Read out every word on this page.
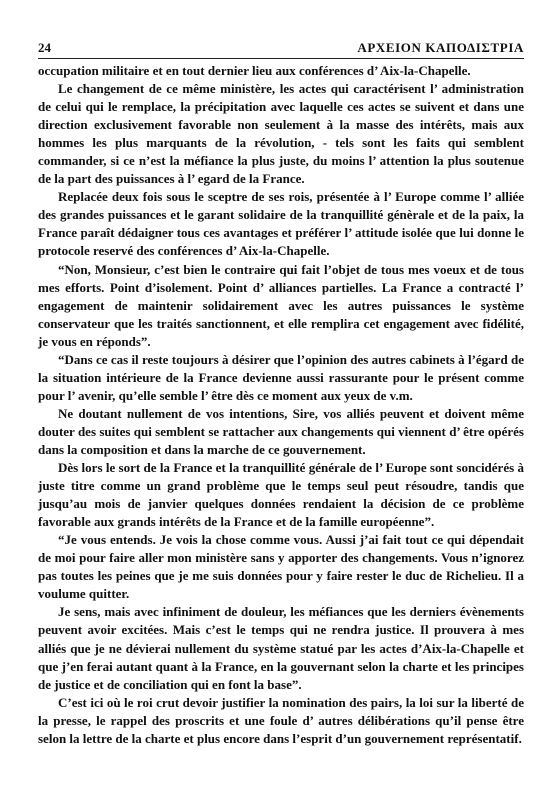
24	ΑΡΧΕΙΟΝ ΚΑΠΟΔΙΣΤΡΙΑ

occupation militaire et en tout dernier lieu aux conférences d’ Aix-la-Chapelle.

Le changement de ce même ministère, les actes qui caractérisent l’ administration de celui qui le remplace, la précipitation avec laquelle ces actes se suivent et dans une direction exclusivement favorable non seulement à la masse des intérêts, mais aux hommes les plus marquants de la révolution, - tels sont les faits qui semblent commander, si ce n’est la méfiance la plus juste, du moins l’ attention la plus soutenue de la part des puissances à l’ egard de la France.

Replacée deux fois sous le sceptre de ses rois, présentée à l’ Europe comme l’ alliée des grandes puissances et le garant solidaire de la tranquillité génèrale et de la paix, la France paraît dédaigner tous ces avantages et préférer l’ attitude isolée que lui donne le protocole reservé des conférences d’ Aix-la-Chapelle.

“Non, Monsieur, c’est bien le contraire qui fait l’objet de tous mes voeux et de tous mes efforts. Point d’isolement. Point d’ alliances partielles. La France a contracté l’ engagement de maintenir solidairement avec les autres puissances le système conservateur que les traités sanctionnent, et elle remplira cet engagement avec fidélité, je vous en réponds”.

“Dans ce cas il reste toujours à désirer que l’opinion des autres cabinets à l’égard de la situation intérieure de la France devienne aussi rassurante pour le présent comme pour l’ avenir, qu’elle semble l’ être dès ce moment aux yeux de v.m.

Ne doutant nullement de vos intentions, Sire, vos alliés peuvent et doivent même douter des suites qui semblent se rattacher aux changements qui viennent d’ être opérés dans la composition et dans la marche de ce gouvernement.

Dès lors le sort de la France et la tranquillité générale de l’ Europe sont soncidérés à juste titre comme un grand problème que le temps seul peut résoudre, tandis que jusqu’au mois de janvier quelques données rendaient la décision de ce problème favorable aux grands intérêts de la France et de la famille européenne”.

“Je vous entends. Je vois la chose comme vous. Aussi j’ai fait tout ce qui dépendait de moi pour faire aller mon ministère sans y apporter des changements. Vous n’ignorez pas toutes les peines que je me suis données pour y faire rester le duc de Richelieu. Il a voulume quitter.

Je sens, mais avec infiniment de douleur, les méfiances que les derniers évènements peuvent avoir excitées. Mais c’est le temps qui ne rendra justice. Il prouvera à mes alliés que je ne dévierai nullement du système statué par les actes d’Aix-la-Chapelle et que j’en ferai autant quant à la France, en la gouvernant selon la charte et les principes de justice et de conciliation qui en font la base”.

C’est ici où le roi crut devoir justifier la nomination des pairs, la loi sur la liberté de la presse, le rappel des proscrits et une foule d’ autres délibérations qu’il pense être selon la lettre de la charte et plus encore dans l’esprit d’un gouvernement représentatif.
